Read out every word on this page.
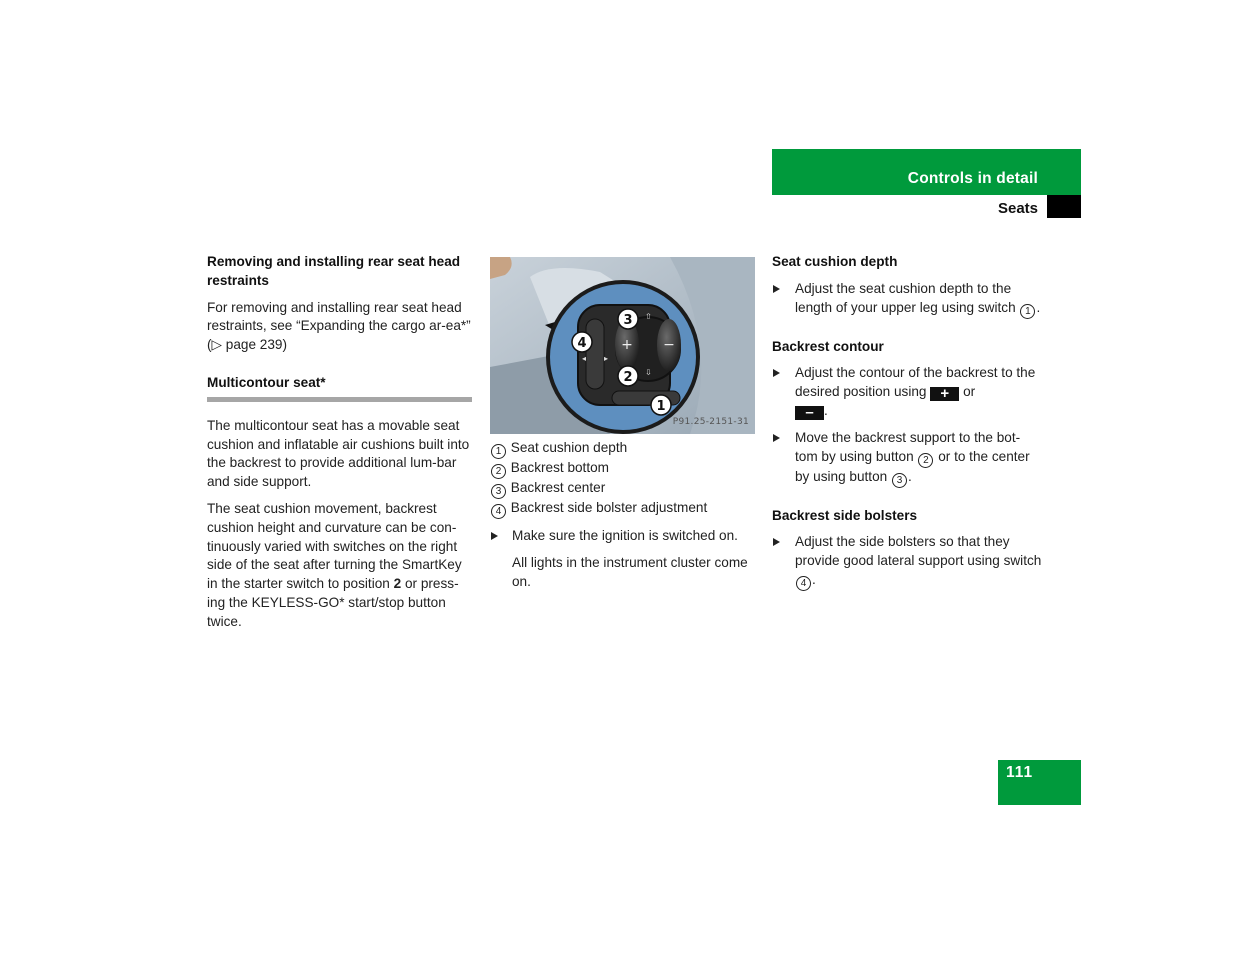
Controls in detail
Seats

Removing and installing rear seat head restraints

For removing and installing rear seat head restraints, see “Expanding the cargo ar-ea*” (▷ page 239)

Multicontour seat*

The multicontour seat has a movable seat cushion and inflatable air cushions built into the backrest to provide additional lum-bar and side support.

The seat cushion movement, backrest cushion height and curvature can be con-tinuously varied with switches on the right side of the seat after turning the SmartKey in the starter switch to position 2 or press-ing the KEYLESS-GO* start/stop button twice.

+ −
◂ ▸
⇧
⇩
3
4
2
1
P91.25-2151-31
1 Seat cushion depth
2 Backrest bottom
3 Backrest center
4 Backrest side bolster adjustment
Make sure the ignition is switched on.

All lights in the instrument cluster come on.

Seat cushion depth

Adjust the seat cushion depth to the length of your upper leg using switch 1 .

Backrest contour

Adjust the contour of the backrest to the desired position using + or
– .
Move the backrest support to the bot-tom by using button 2 or to the center by using button 3 .

Backrest side bolsters

Adjust the side bolsters so that they provide good lateral support using switch 4 .
111
